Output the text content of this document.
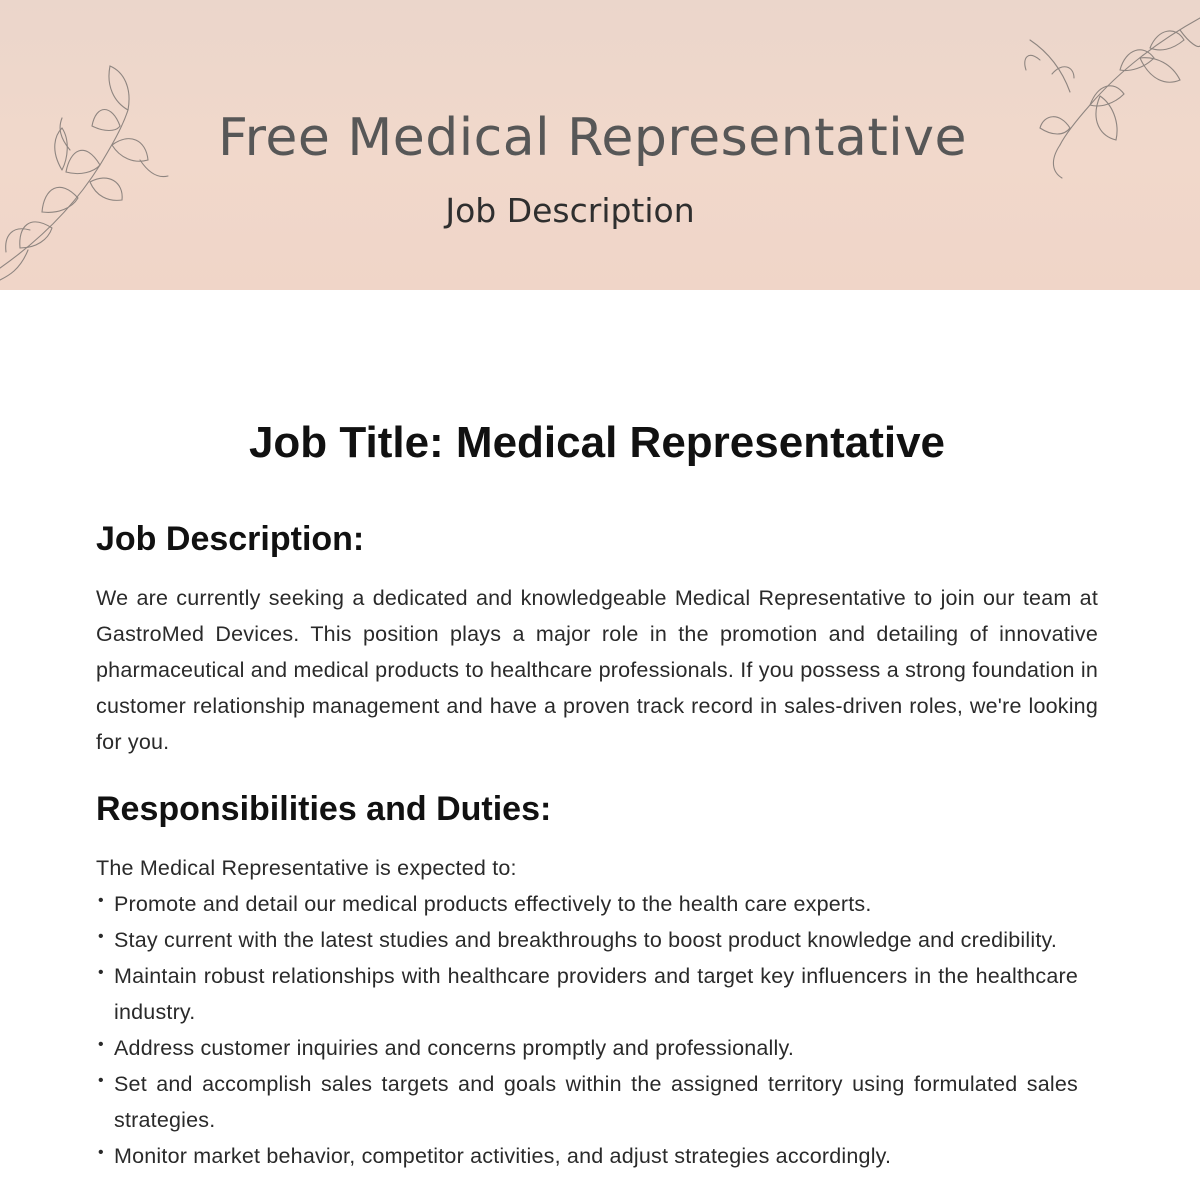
Free Medical Representative
Job Description
Job Title: Medical Representative
Job Description:

We are currently seeking a dedicated and knowledgeable Medical Representative to join our team at GastroMed Devices. This position plays a major role in the promotion and detailing of innovative pharmaceutical and medical products to healthcare professionals. If you possess a strong foundation in customer relationship management and have a proven track record in sales-driven roles, we're looking for you.

Responsibilities and Duties:

The Medical Representative is expected to:

• Promote and detail our medical products effectively to the health care experts.
• Stay current with the latest studies and breakthroughs to boost product knowledge and credibility.
• Maintain robust relationships with healthcare providers and target key influencers in the healthcare industry.
• Address customer inquiries and concerns promptly and professionally.
• Set and accomplish sales targets and goals within the assigned territory using formulated sales strategies.
• Monitor market behavior, competitor activities, and adjust strategies accordingly.
